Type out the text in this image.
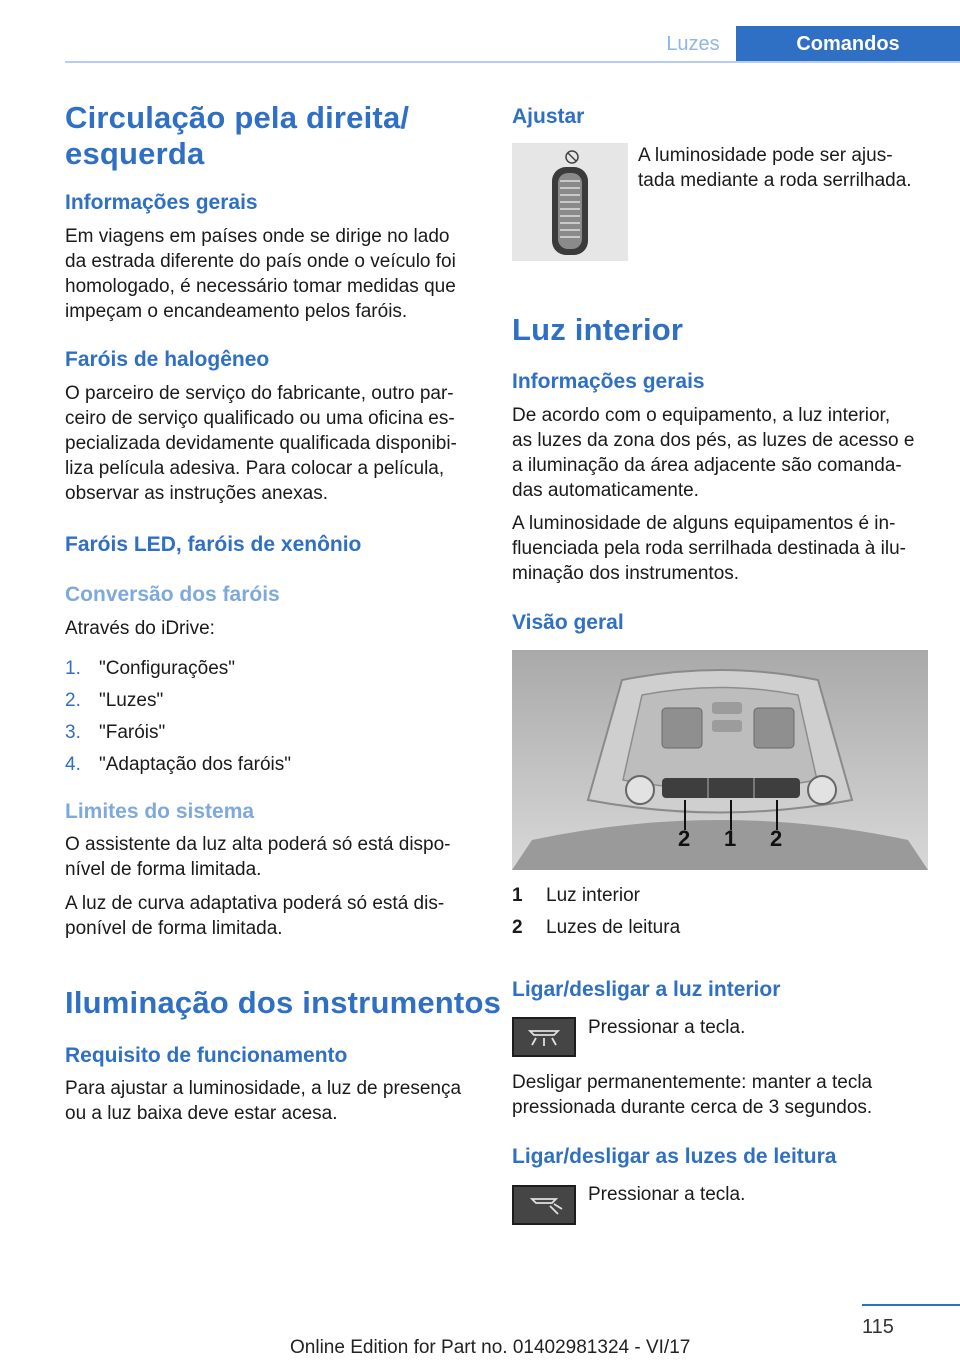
Luzes	Comandos
Circulação pela direita/
esquerda
Informações gerais
Em viagens em países onde se dirige no lado
da estrada diferente do país onde o veículo foi
homologado, é necessário tomar medidas que
impeçam o encandeamento pelos faróis.
Faróis de halogêneo
O parceiro de serviço do fabricante, outro par-
ceiro de serviço qualificado ou uma oficina es-
pecializada devidamente qualificada disponibi-
liza película adesiva. Para colocar a película,
observar as instruções anexas.
Faróis LED, faróis de xenônio
Conversão dos faróis
Através do iDrive:
1. "Configurações"
2. "Luzes"
3. "Faróis"
4. "Adaptação dos faróis"
Limites do sistema
O assistente da luz alta poderá só está dispo-
nível de forma limitada.
A luz de curva adaptativa poderá só está dis-
ponível de forma limitada.
Iluminação dos instrumentos
Requisito de funcionamento
Para ajustar a luminosidade, a luz de presença
ou a luz baixa deve estar acesa.
Ajustar
A luminosidade pode ser ajus-
tada mediante a roda serrilhada.
Luz interior
Informações gerais
De acordo com o equipamento, a luz interior,
as luzes da zona dos pés, as luzes de acesso e
a iluminação da área adjacente são comanda-
das automaticamente.
A luminosidade de alguns equipamentos é in-
fluenciada pela roda serrilhada destinada à ilu-
minação dos instrumentos.
Visão geral
2 1 2
1 Luz interior
2 Luzes de leitura
Ligar/desligar a luz interior
Pressionar a tecla.
Desligar permanentemente: manter a tecla
pressionada durante cerca de 3 segundos.
Ligar/desligar as luzes de leitura
Pressionar a tecla.
115
Online Edition for Part no. 01402981324 - VI/17
